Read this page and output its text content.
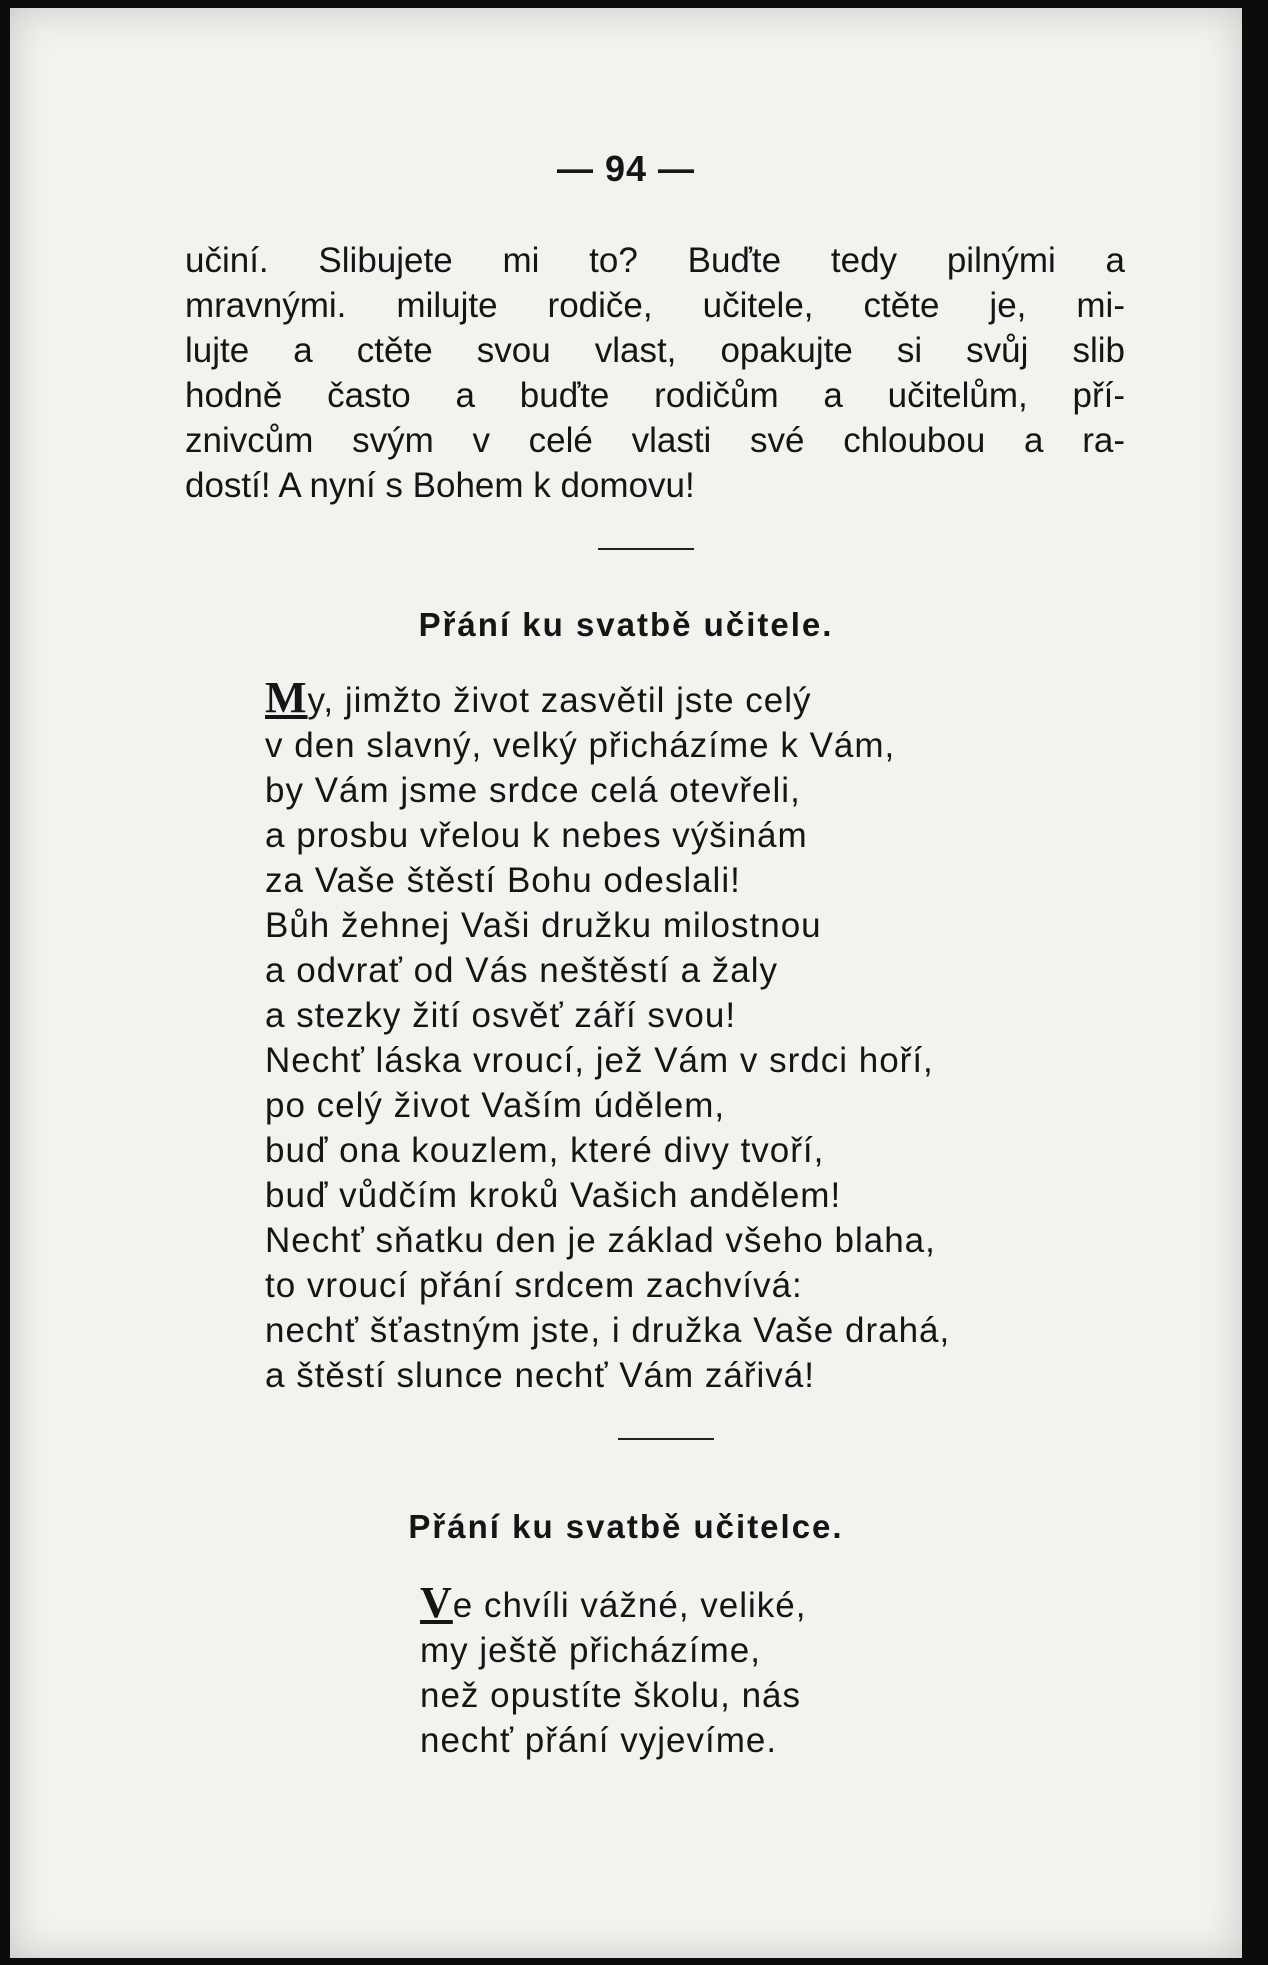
— 94 —
učiní. Slibujete mi to? Buďte tedy pilnými a
mravnými. milujte rodiče, učitele, ctěte je, mi-
lujte a ctěte svou vlast, opakujte si svůj slib
hodně často a buďte rodičům a učitelům, pří-
znivcům svým v celé vlasti své chloubou a ra-
dostí! A nyní s Bohem k domovu!
Přání ku svatbě učitele.
My, jimžto život zasvětil jste celý
v den slavný, velký přicházíme k Vám,
by Vám jsme srdce celá otevřeli,
a prosbu vřelou k nebes výšinám
za Vaše štěstí Bohu odeslali!
Bůh žehnej Vaši družku milostnou
a odvrať od Vás neštěstí a žaly
a stezky žití osvěť září svou!
Nechť láska vroucí, jež Vám v srdci hoří,
po celý život Vaším údělem,
buď ona kouzlem, které divy tvoří,
buď vůdčím kroků Vašich andělem!
Nechť sňatku den je základ všeho blaha,
to vroucí přání srdcem zachvívá:
nechť šťastným jste, i družka Vaše drahá,
a štěstí slunce nechť Vám zářivá!
Přání ku svatbě učitelce.
Ve chvíli vážné, veliké,
my ještě přicházíme,
než opustíte školu, nás
nechť přání vyjevíme.
